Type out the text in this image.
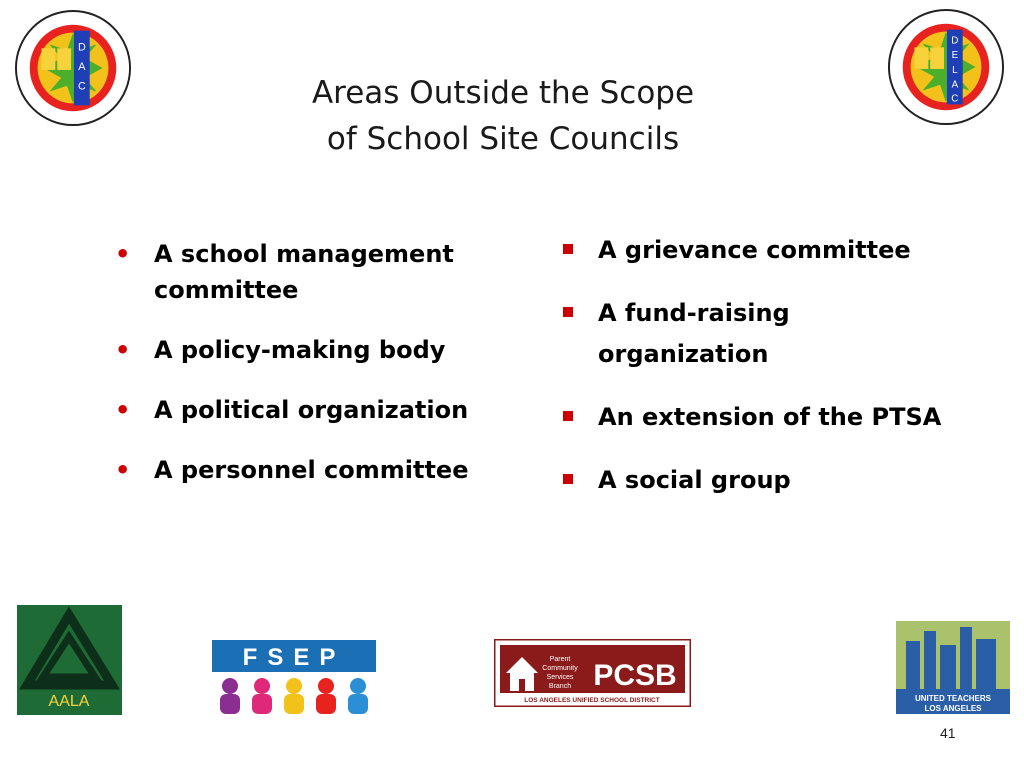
D
A
C
D
E
L
A
C
Areas Outside the Scope
of School Site Councils
• A school management committee
• A policy-making body
• A political organization
• A personnel committee
A grievance committee
A fund-raising organization
An extension of the PTSA
A social group
AALA
FSEP	Parent
Community
Services
Branch PCSB
LOS ANGELES UNIFIED SCHOOL DISTRICT	UNITED TEACHERS
LOS ANGELES
41
